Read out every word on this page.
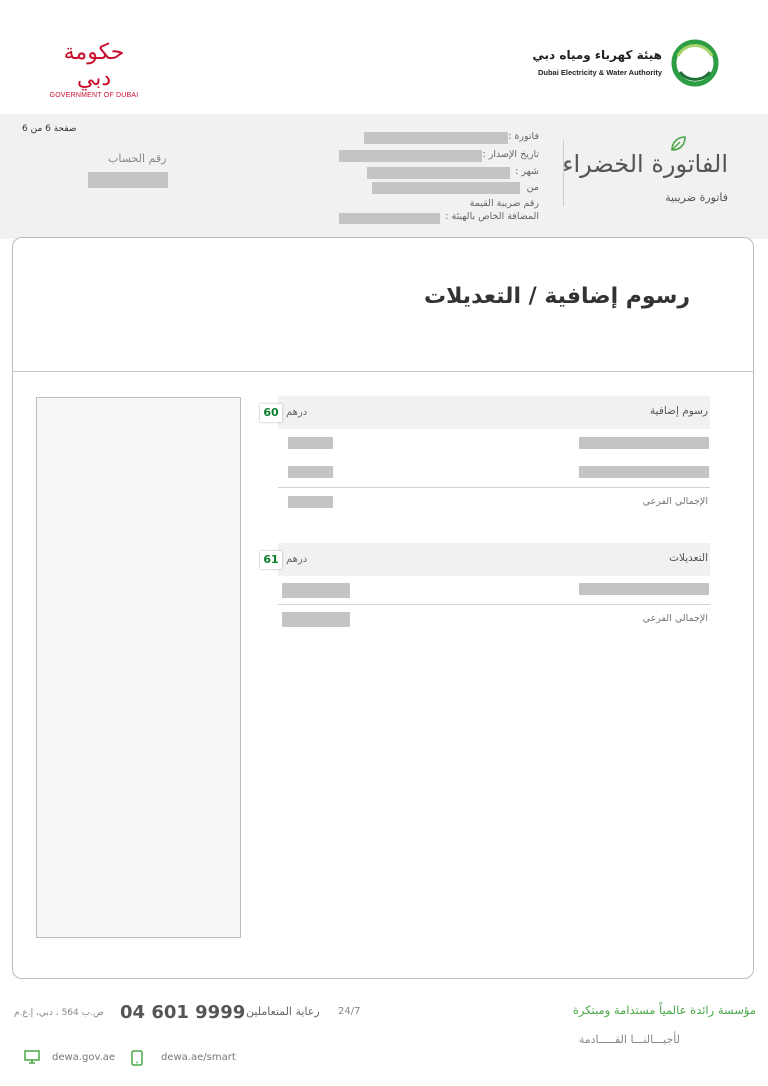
حكومة دبي
GOVERNMENT OF DUBAI
هيئة كهرباء ومياه دبي
Dubai Electricity & Water Authority
صفحة 6 من 6
رقم الحساب
فاتورة :
تاريخ الإصدار :
شهر :
من
رقم ضريبة القيمة
المضافة الخاص بالهيئة :
الفاتورة الخضراء
فاتورة ضريبية
رسوم إضافية / التعديلات
رسوم إضافية
درهم
60
الإجمالي الفرعي
التعديلات
درهم
61
الإجمالي الفرعي
مؤسسة رائدة عالمياً مستدامة ومبتكرة
لأجيـــالنـــا القـــــادمة
ص.ب 564 ، دبي، إ.ع.م 04 601 9999 رعاية المتعاملين 24/7
dewa.gov.ae	dewa.ae/smart
